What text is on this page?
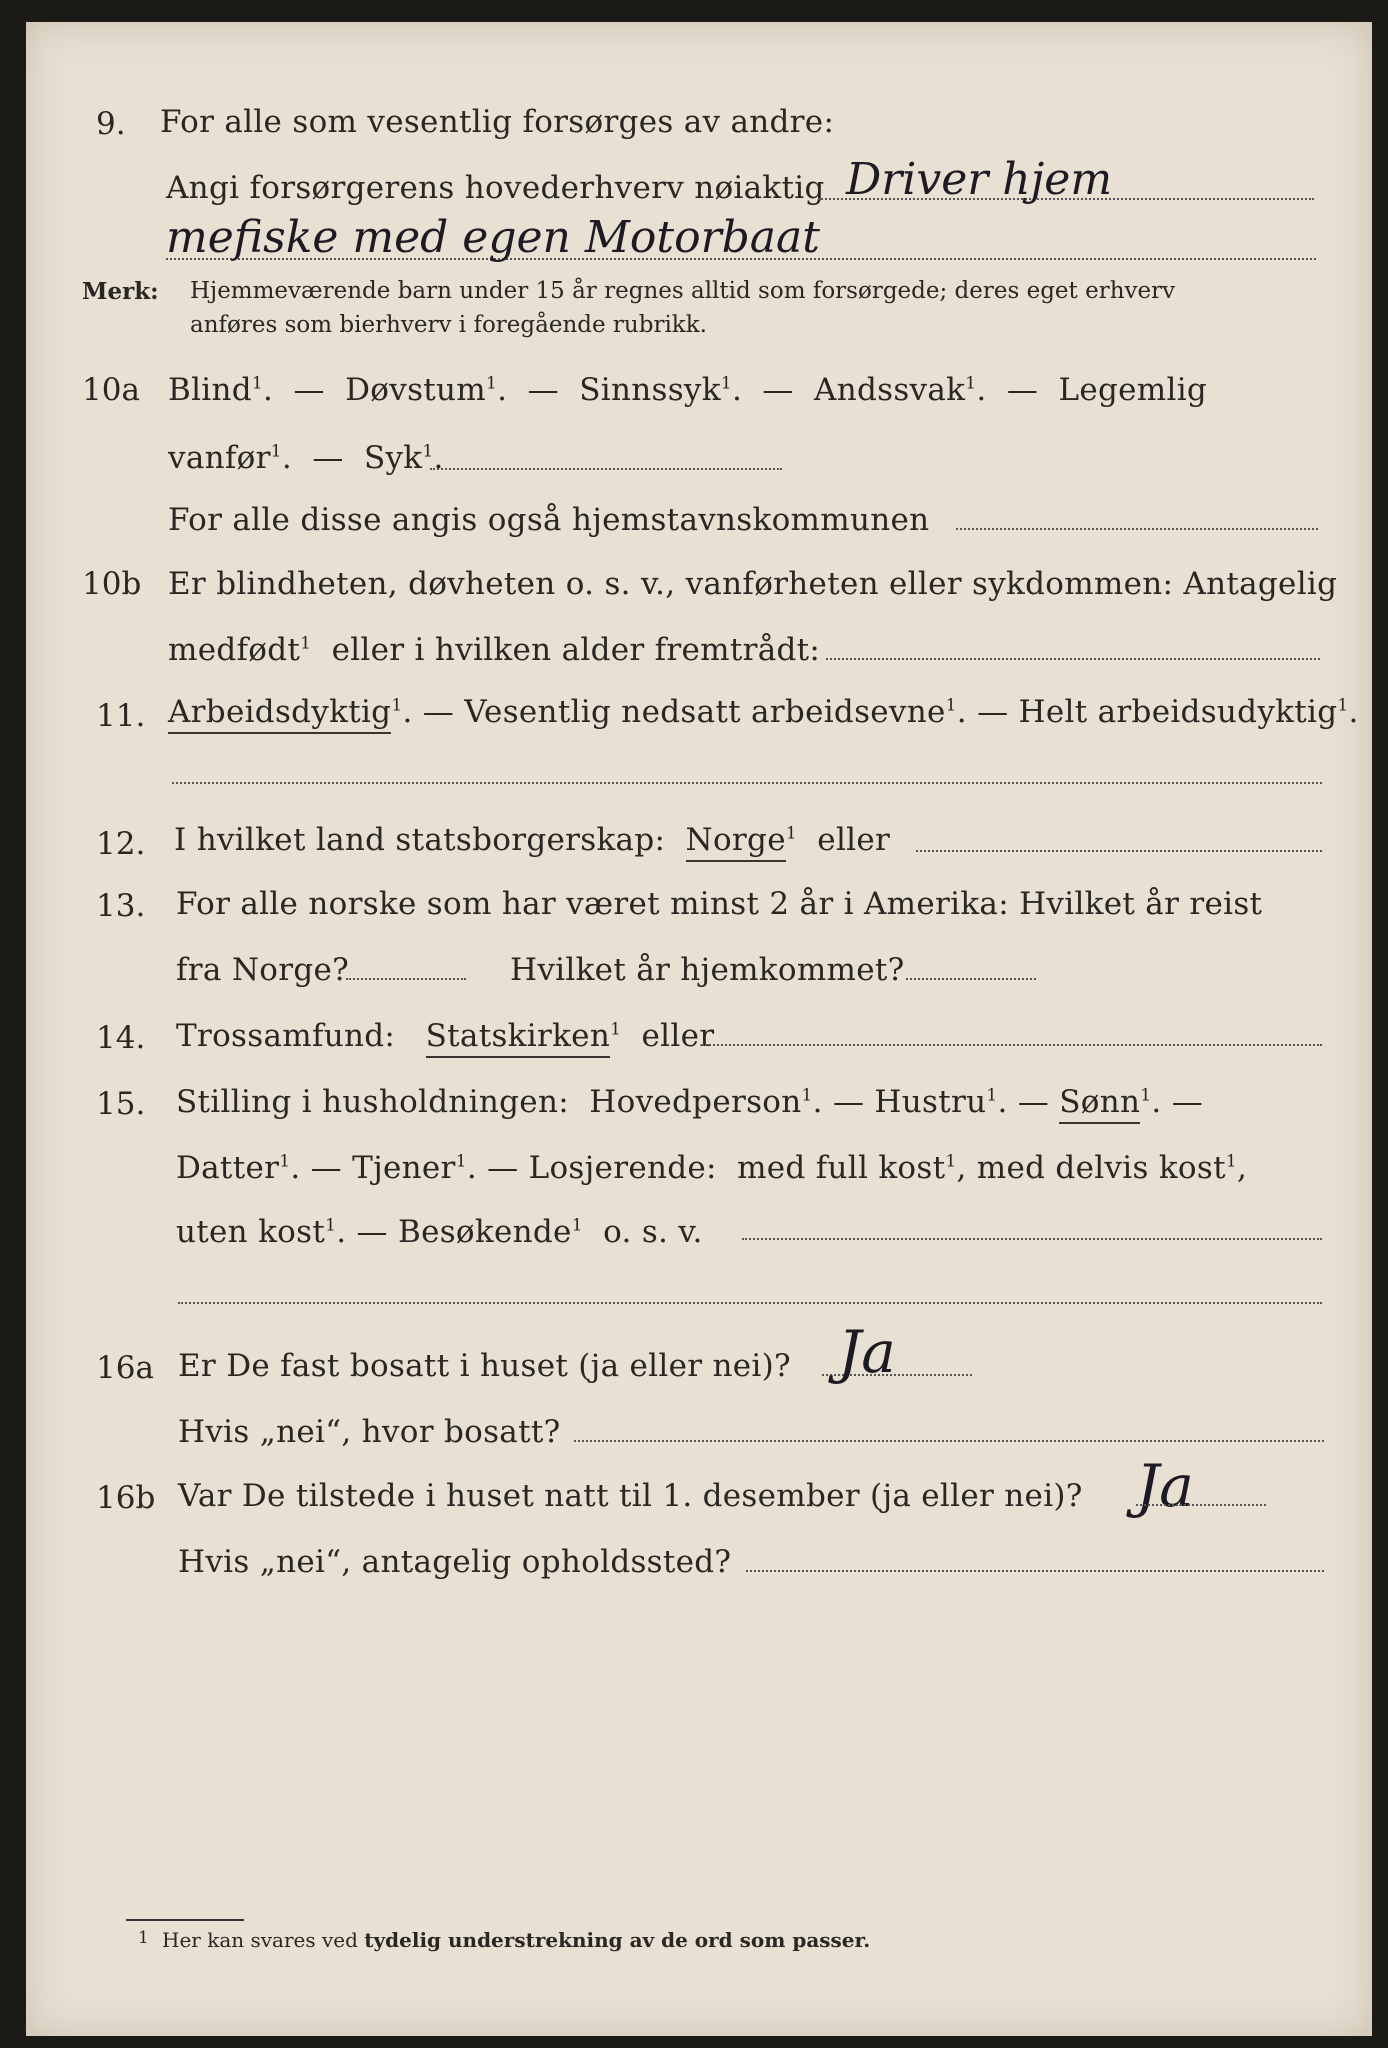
9. For alle som vesentlig forsørges av andre:
Angi forsørgerens hovederhverv nøiaktig Driver hjem
mefiske med egen Motorbaat
Merk: Hjemmeværende barn under 15 år regnes alltid som forsørgede; deres eget erhverv
anføres som bierhverv i foregående rubrikk.
10a Blind$^1$.  — Døvstum$^1$.  — Sinnssyk$^1$.  — Andssvak$^1$.  — Legemlig
vanfør$^1$.  — Syk$^1$.
For alle disse angis også hjemstavnskommunen
10b Er blindheten, døvheten o. s. v., vanførheten eller sykdommen: Antagelig
medfødt$^1$ eller i hvilken alder fremtrådt:
11. Arbeidsdyktig$^1$. — Vesentlig nedsatt arbeidsevne$^1$. — Helt arbeidsudyktig$^1$.
12. I hvilket land statsborgerskap: Norge$^1$ eller
13. For alle norske som har været minst 2 år i Amerika: Hvilket år reist
fra Norge?	Hvilket år hjemkommet?
14. Trossamfund: Statskirken$^1$ eller
15. Stilling i husholdningen: Hovedperson$^1$. — Hustru$^1$. — Sønn$^1$. —
Datter$^1$. — Tjener$^1$. — Losjerende: med full kost$^1$, med delvis kost$^1$,
uten kost$^1$. — Besøkende$^1$ o. s. v.
16a Er De fast bosatt i huset (ja eller nei)? Ja
Hvis „nei“, hvor bosatt?
16b Var De tilstede i huset natt til 1. desember (ja eller nei)? Ja
Hvis „nei“, antagelig opholdssted?
1 Her kan svares ved tydelig understrekning av de ord som passer.
